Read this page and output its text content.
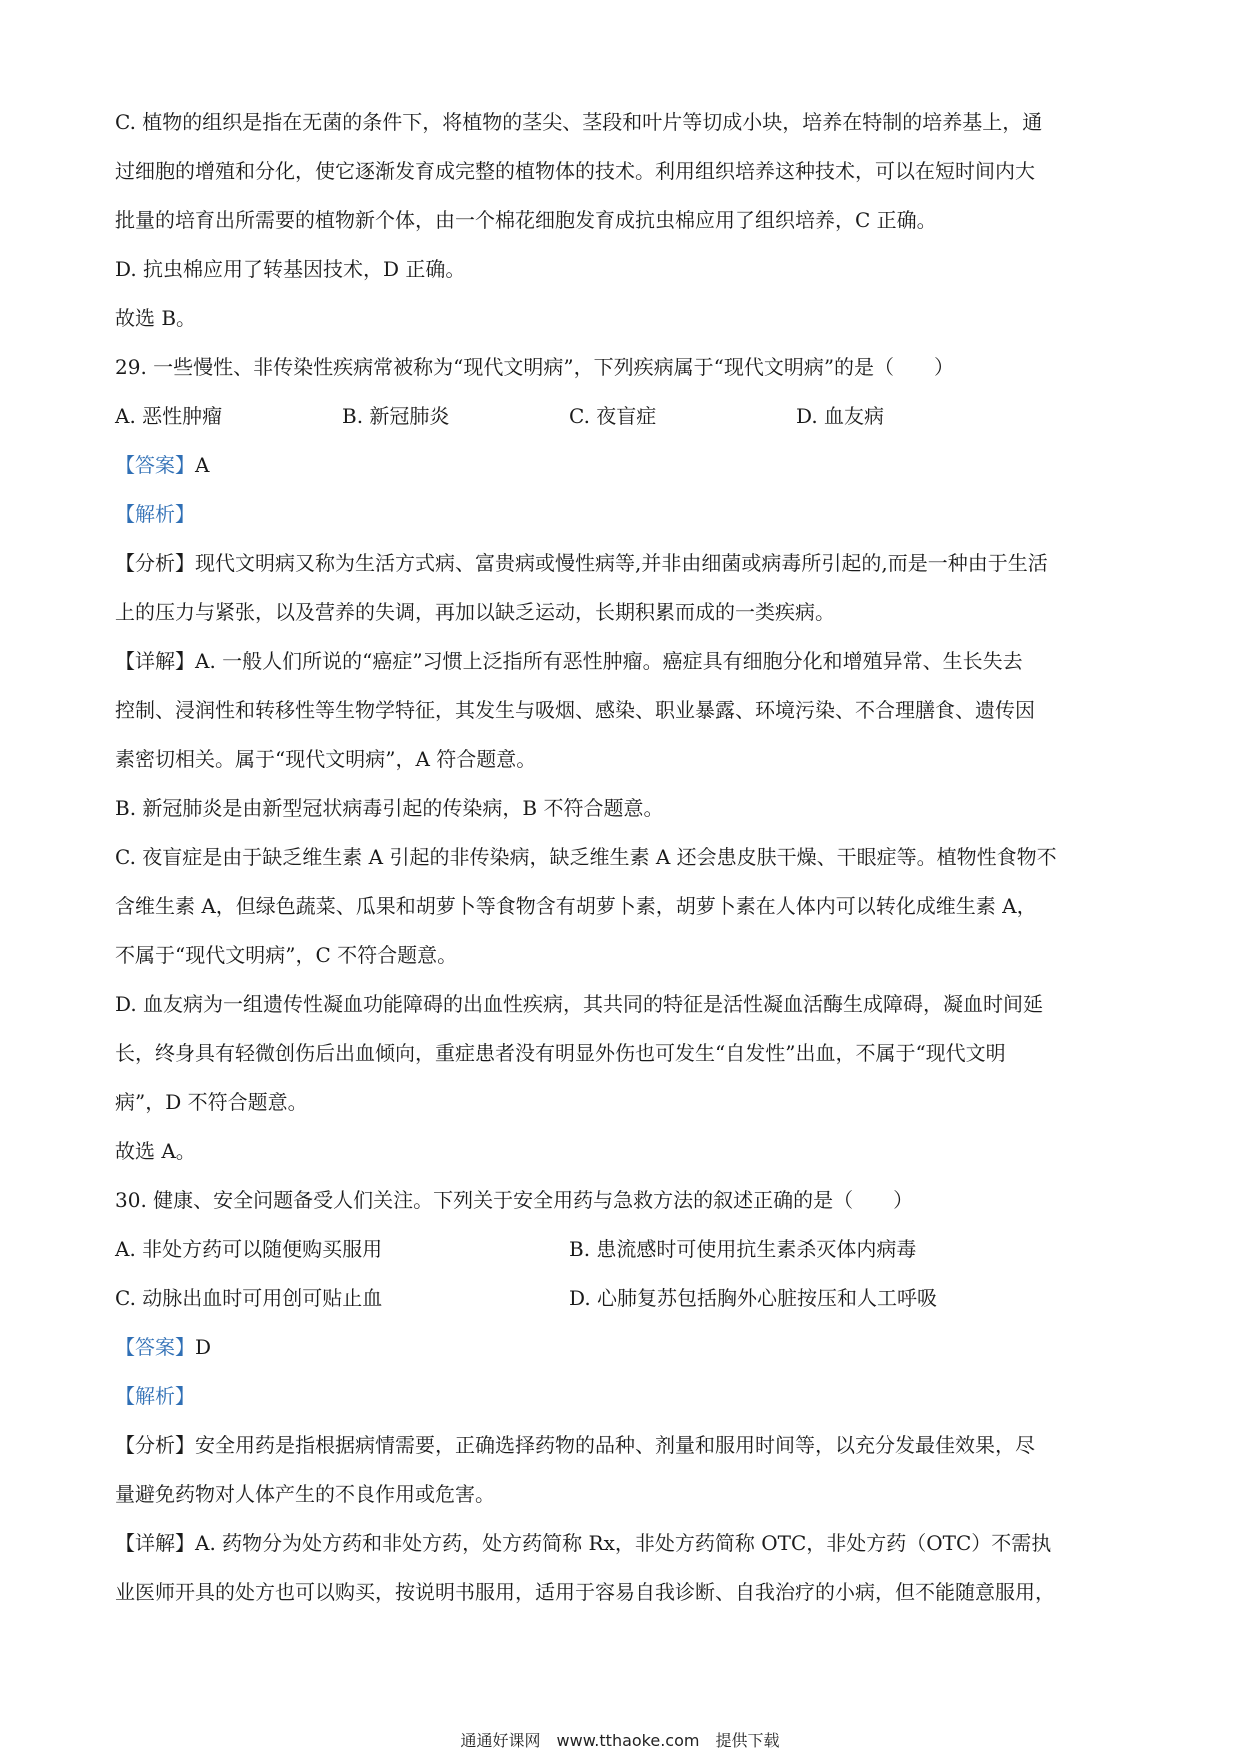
C. 植物的组织是指在无菌的条件下，将植物的茎尖、茎段和叶片等切成小块，培养在特制的培养基上，通

过细胞的增殖和分化，使它逐渐发育成完整的植物体的技术。利用组织培养这种技术，可以在短时间内大

批量的培育出所需要的植物新个体，由一个棉花细胞发育成抗虫棉应用了组织培养，C 正确。

D. 抗虫棉应用了转基因技术，D 正确。

故选 B。

29. 一些慢性、非传染性疾病常被称为“现代文明病”，下列疾病属于“现代文明病”的是（　　）

A. 恶性肿瘤	B. 新冠肺炎	C. 夜盲症	D. 血友病

【答案】A

【解析】

【分析】现代文明病又称为生活方式病、富贵病或慢性病等,并非由细菌或病毒所引起的,而是一种由于生活

上的压力与紧张，以及营养的失调，再加以缺乏运动，长期积累而成的一类疾病。

【详解】A. 一般人们所说的“癌症”习惯上泛指所有恶性肿瘤。癌症具有细胞分化和增殖异常、生长失去

控制、浸润性和转移性等生物学特征，其发生与吸烟、感染、职业暴露、环境污染、不合理膳食、遗传因

素密切相关。属于“现代文明病”，A 符合题意。

B. 新冠肺炎是由新型冠状病毒引起的传染病，B 不符合题意。

C. 夜盲症是由于缺乏维生素 A 引起的非传染病，缺乏维生素 A 还会患皮肤干燥、干眼症等。植物性食物不

含维生素 A，但绿色蔬菜、瓜果和胡萝卜等食物含有胡萝卜素，胡萝卜素在人体内可以转化成维生素 A，

不属于“现代文明病”，C 不符合题意。

D. 血友病为一组遗传性凝血功能障碍的出血性疾病，其共同的特征是活性凝血活酶生成障碍，凝血时间延

长，终身具有轻微创伤后出血倾向，重症患者没有明显外伤也可发生“自发性”出血，不属于“现代文明

病”，D 不符合题意。

故选 A。

30. 健康、安全问题备受人们关注。下列关于安全用药与急救方法的叙述正确的是（　　）

A. 非处方药可以随便购买服用	B. 患流感时可使用抗生素杀灭体内病毒
C. 动脉出血时可用创可贴止血	D. 心肺复苏包括胸外心脏按压和人工呼吸

【答案】D

【解析】

【分析】安全用药是指根据病情需要，正确选择药物的品种、剂量和服用时间等，以充分发最佳效果，尽

量避免药物对人体产生的不良作用或危害。

【详解】A. 药物分为处方药和非处方药，处方药简称 Rx，非处方药简称 OTC，非处方药（OTC）不需执

业医师开具的处方也可以购买，按说明书服用，适用于容易自我诊断、自我治疗的小病，但不能随意服用，

通通好课网　www.tthaoke.com　提供下载
